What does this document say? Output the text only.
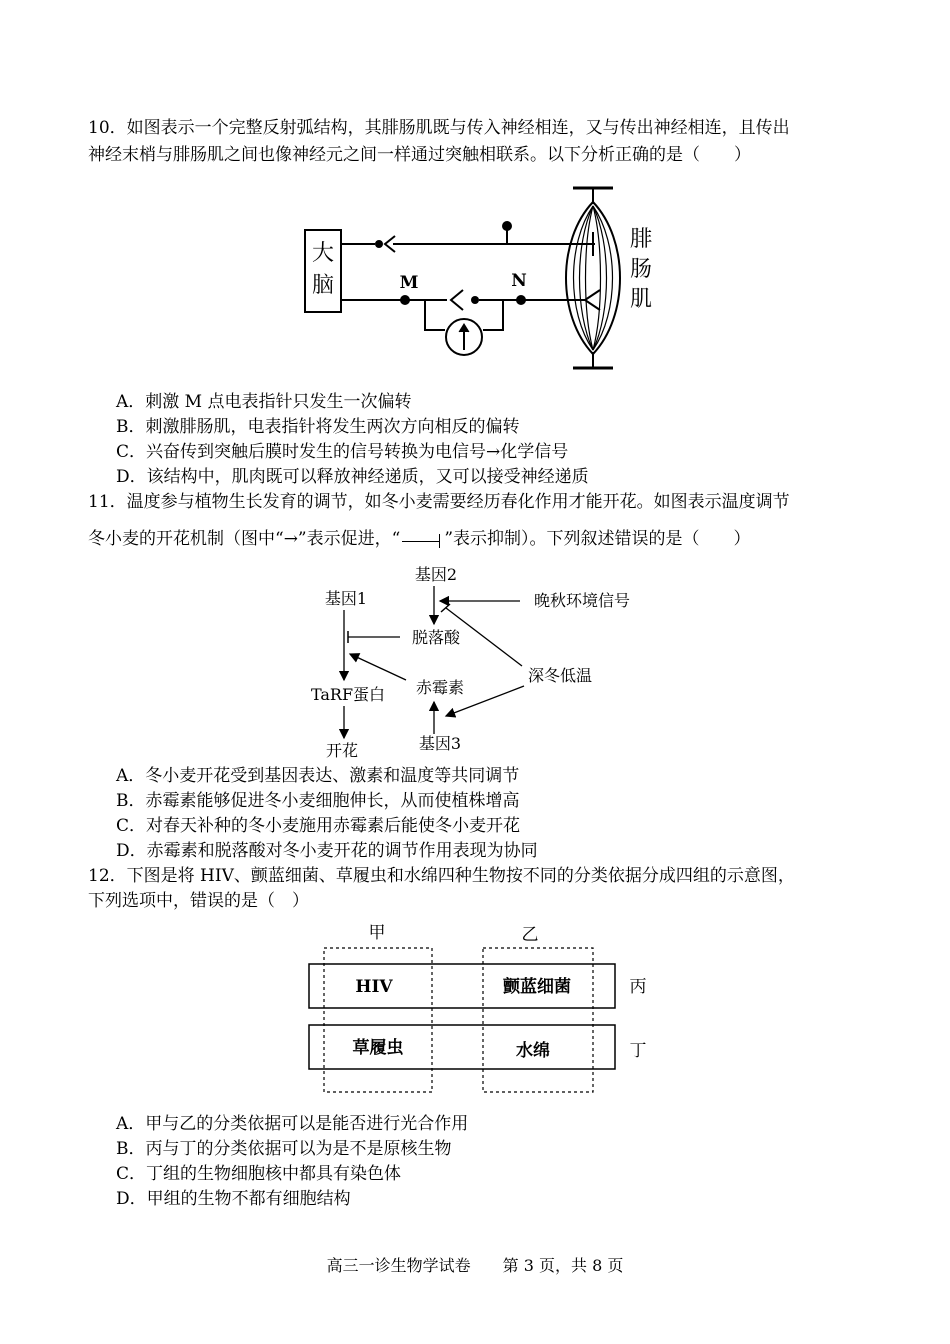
10．如图表示一个完整反射弧结构，其腓肠肌既与传入神经相连，又与传出神经相连，且传出
神经末梢与腓肠肌之间也像神经元之间一样通过突触相联系。以下分析正确的是（　　）
大
脑	M	N
腓
肠
肌
A．刺激 M 点电表指针只发生一次偏转
B．刺激腓肠肌，电表指针将发生两次方向相反的偏转
C．兴奋传到突触后膜时发生的信号转换为电信号→化学信号
D．该结构中，肌肉既可以释放神经递质，又可以接受神经递质
11．温度参与植物生长发育的调节，如冬小麦需要经历春化作用才能开花。如图表示温度调节
冬小麦的开花机制（图中“→”表示促进，“	”表示抑制）。下列叙述错误的是（　　）
基因2
基因1	晚秋环境信号
脱落酸
深冬低温
TaRF蛋白 赤霉素
基因3
开花
A．冬小麦开花受到基因表达、激素和温度等共同调节
B．赤霉素能够促进冬小麦细胞伸长，从而使植株增高
C．对春天补种的冬小麦施用赤霉素后能使冬小麦开花
D．赤霉素和脱落酸对冬小麦开花的调节作用表现为协同
12．下图是将 HIV、颤蓝细菌、草履虫和水绵四种生物按不同的分类依据分成四组的示意图，
下列选项中，错误的是（　）
甲	乙
HIV	颤蓝细菌
草履虫	水绵
丙
丁
A．甲与乙的分类依据可以是能否进行光合作用
B．丙与丁的分类依据可以为是不是原核生物
C．丁组的生物细胞核中都具有染色体
D．甲组的生物不都有细胞结构
高三一诊生物学试卷　　第 3 页，共 8 页
